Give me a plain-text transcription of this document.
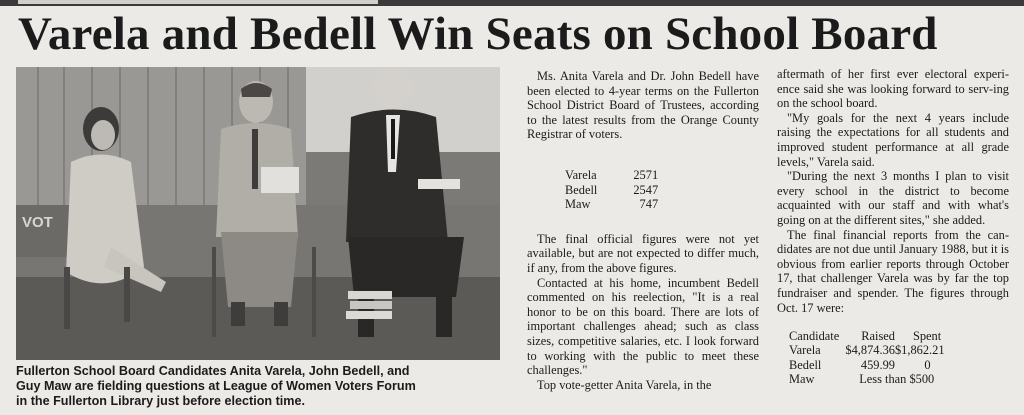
Varela and Bedell Win Seats on School Board
VOT

Fullerton School Board Candidates Anita Varela, John Bedell, and

Guy Maw are fielding questions at League of Women Voters Forum

in the Fullerton Library just before election time.

Ms. Anita Varela and Dr. John Bedell have been elected to 4-year terms on the Fullerton School District Board of Trustees, according to the latest results from the Orange County Registrar of voters.

Varela	2571
Bedell	2547
Maw	747

The final official figures were not yet available, but are not expected to differ much, if any, from the above figures.

Contacted at his home, incumbent Bedell commented on his reelection, "It is a real honor to be on this board. There are lots of important challenges ahead; such as class sizes, competitive salaries, etc. I look forward to working with the public to meet these challenges."

Top vote-getter Anita Varela, in the

aftermath of her first ever electoral experi-ence said she was looking forward to serv-ing on the school board.

"My goals for the next 4 years include raising the expectations for all students and improved student performance at all grade levels," Varela said.

"During the next 3 months I plan to visit every school in the district to become acquainted with our staff and with what's going on at the different sites," she added.

The final financial reports from the can-didates are not due until January 1988, but it is obvious from earlier reports through October 17, that challenger Varela was by far the top fundraiser and spender. The figures through Oct. 17 were:

Candidate	Raised	Spent
Varela	$4,874.36	$1,862.21
Bedell	459.99	0
Maw	Less than $500	
